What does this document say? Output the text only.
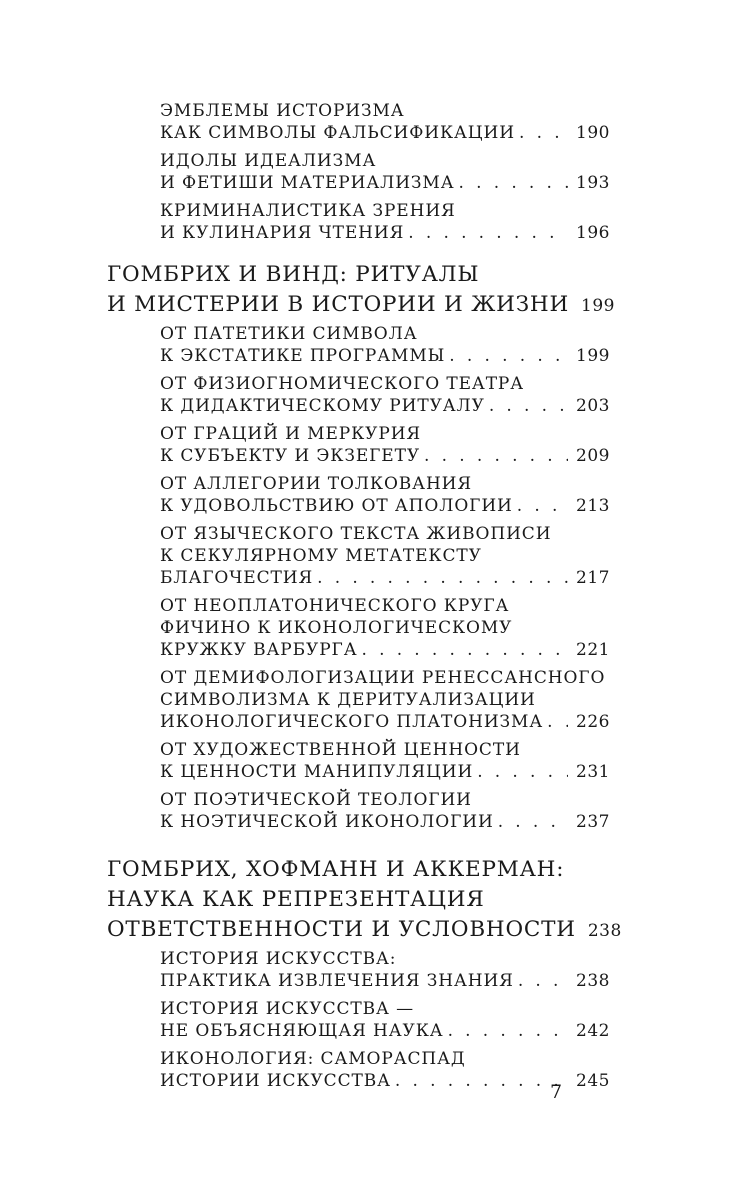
ЭМБЛЕМЫ ИСТОРИЗМА
КАК СИМВОЛЫ ФАЛЬСИФИКАЦИИ . . .	190
ИДОЛЫ ИДЕАЛИЗМА
И ФЕТИШИ МАТЕРИАЛИЗМА . . .	193
КРИМИНАЛИСТИКА ЗРЕНИЯ
И КУЛИНАРИЯ ЧТЕНИЯ . . .	196
ГОМБРИХ И ВИНД: РИТУАЛЫ
И МИСТЕРИИ В ИСТОРИИ И ЖИЗНИ . . . 199
ОТ ПАТЕТИКИ СИМВОЛА
К ЭКСТАТИКЕ ПРОГРАММЫ . . .	199
ОТ ФИЗИОГНОМИЧЕСКОГО ТЕАТРА
К ДИДАКТИЧЕСКОМУ РИТУАЛУ . . .	203
ОТ ГРАЦИЙ И МЕРКУРИЯ
К СУБЪЕКТУ И ЭКЗЕГЕТУ . . .	209
ОТ АЛЛЕГОРИИ ТОЛКОВАНИЯ
К УДОВОЛЬСТВИЮ ОТ АПОЛОГИИ . . .	213
ОТ ЯЗЫЧЕСКОГО ТЕКСТА ЖИВОПИСИ
К СЕКУЛЯРНОМУ МЕТАТЕКСТУ
БЛАГОЧЕСТИЯ . . .	217
ОТ НЕОПЛАТОНИЧЕСКОГО КРУГА
ФИЧИНО К ИКОНОЛОГИЧЕСКОМУ
КРУЖКУ ВАРБУРГА . . .	221
ОТ ДЕМИФОЛОГИЗАЦИИ РЕНЕССАНСНОГО
СИМВОЛИЗМА К ДЕРИТУАЛИЗАЦИИ
ИКОНОЛОГИЧЕСКОГО ПЛАТОНИЗМА . . .	226
ОТ ХУДОЖЕСТВЕННОЙ ЦЕННОСТИ
К ЦЕННОСТИ МАНИПУЛЯЦИИ . . .	231
ОТ ПОЭТИЧЕСКОЙ ТЕОЛОГИИ
К НОЭТИЧЕСКОЙ ИКОНОЛОГИИ . . .	237
ГОМБРИХ, ХОФМАНН И АККЕРМАН:
НАУКА КАК РЕПРЕЗЕНТАЦИЯ
ОТВЕТСТВЕННОСТИ И УСЛОВНОСТИ . . . 238
ИСТОРИЯ ИСКУССТВА:
ПРАКТИКА ИЗВЛЕЧЕНИЯ ЗНАНИЯ . . .	238
ИСТОРИЯ ИСКУССТВА —
НЕ ОБЪЯСНЯЮЩАЯ НАУКА . . .	242
ИКОНОЛОГИЯ: САМОРАСПАД
ИСТОРИИ ИСКУССТВА . . .	245
7
